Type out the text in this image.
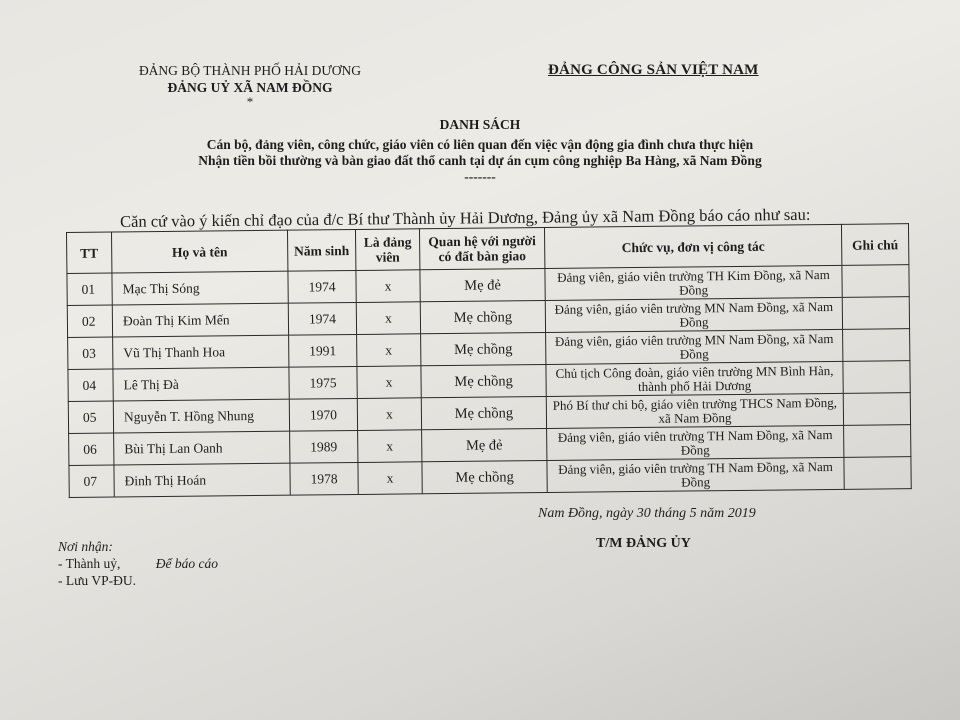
ĐẢNG BỘ THÀNH PHỐ HẢI DƯƠNG
ĐẢNG UỶ XÃ NAM ĐỒNG
*
ĐẢNG CÔNG SẢN VIỆT NAM
DANH SÁCH
Cán bộ, đảng viên, công chức, giáo viên có liên quan đến việc vận động gia đình chưa thực hiện
Nhận tiền bồi thường và bàn giao đất thổ canh tại dự án cụm công nghiệp Ba Hàng, xã Nam Đồng
-------
Căn cứ vào ý kiến chỉ đạo của đ/c Bí thư Thành ủy Hải Dương, Đảng ủy xã Nam Đồng báo cáo như sau:
TT	Họ và tên	Năm sinh	Là đảng viên	Quan hệ với người có đất bàn giao	Chức vụ, đơn vị công tác	Ghi chú
01	Mạc Thị Sóng	1974	x	Mẹ đẻ	Đảng viên, giáo viên trường TH Kim Đồng, xã Nam Đồng	
02	Đoàn Thị Kim Mến	1974	x	Mẹ chồng	Đảng viên, giáo viên trường MN Nam Đồng, xã Nam Đồng	
03	Vũ Thị Thanh Hoa	1991	x	Mẹ chồng	Đảng viên, giáo viên trường MN Nam Đồng, xã Nam Đồng	
04	Lê Thị Đà	1975	x	Mẹ chồng	Chủ tịch Công đoàn, giáo viên trường MN Bình Hàn, thành phố Hải Dương	
05	Nguyễn T. Hồng Nhung	1970	x	Mẹ chồng	Phó Bí thư chi bộ, giáo viên trường THCS Nam Đồng, xã Nam Đồng	
06	Bùi Thị Lan Oanh	1989	x	Mẹ đẻ	Đảng viên, giáo viên trường TH Nam Đồng, xã Nam Đồng	
07	Đinh Thị Hoán	1978	x	Mẹ chồng	Đảng viên, giáo viên trường TH Nam Đồng, xã Nam Đồng	
Nam Đồng, ngày 30 tháng 5 năm 2019
T/M ĐẢNG ỦY
Nơi nhận:
- Thành uỷ,	Để báo cáo
- Lưu VP-ĐU.
